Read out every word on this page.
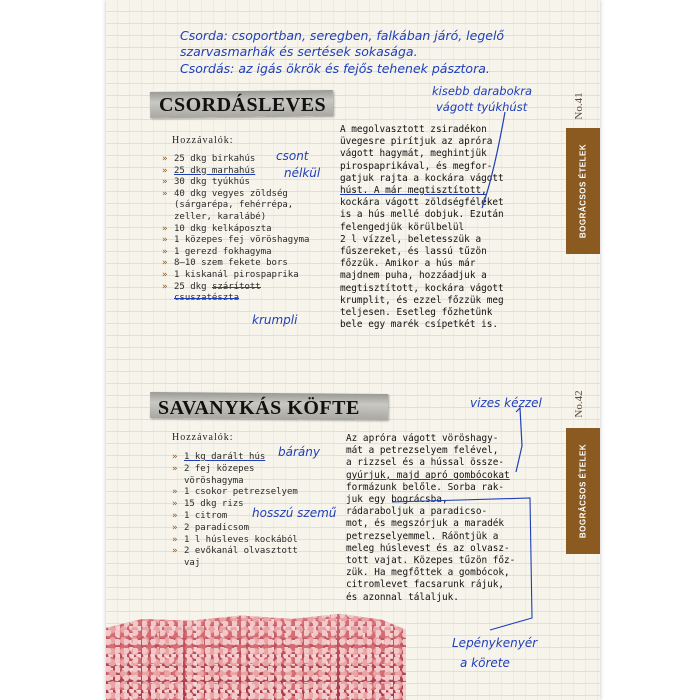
Csorda: csoportban, seregben, falkában járó, legelő
szarvasmarhák és sertések sokasága.
Csordás: az igás ökrök és fejős tehenek pásztora.
CSORDÁSLEVES
Hozzávalók:
» 25 dkg birkahús
» 25 dkg marhahús
» 30 dkg tyúkhús
» 40 dkg vegyes zöldség
(sárgarépa, fehérrépa,
zeller, karalábé)
» 10 dkg kelkáposzta
» 1 közepes fej vöröshagyma
» 1 gerezd fokhagyma
» 8–10 szem fekete bors
» 1 kiskanál pirospaprika
» 25 dkg szárított
csuszatészta
A megolvasztott zsiradékon
üvegesre pirítjuk az apróra
vágott hagymát, meghintjük
pirospaprikával, és megfor-
gatjuk rajta a kockára vágott
húst. A már megtisztított,
kockára vágott zöldségféléket
is a hús mellé dobjuk. Ezután
felengedjük körülbelül
2 l vízzel, beletesszük a
fűszereket, és lassú tűzön
főzzük. Amikor a hús már
majdnem puha, hozzáadjuk a
megtisztított, kockára vágott
krumplit, és ezzel főzzük meg
teljesen. Esetleg főzhetünk
bele egy marék csípetkét is.
csont
nélkül
kisebb darabokra
vágott tyúkhúst
krumpli
BOGRÁCSOS ÉTELEK
No.41
SAVANYKÁS KÖFTE
Hozzávalók:
» 1 kg darált hús
» 2 fej közepes
vöröshagyma
» 1 csokor petrezselyem
» 15 dkg rizs
» 1 citrom
» 2 paradicsom
» 1 l húsleves kockából
» 2 evőkanál olvasztott
vaj
Az apróra vágott vöröshagy-
mát a petrezselyem felével,
a rizzsel és a hússal össze-
gyúrjuk, majd apró gombócokat
formázunk belőle. Sorba rak-
juk egy bográcsba,
rádaraboljuk a paradicso-
mot, és megszórjuk a maradék
petrezselyemmel. Ráöntjük a
meleg húslevest és az olvasz-
tott vajat. Közepes tűzön főz-
zük. Ha megfőttek a gombócok,
citromlevet facsarunk rájuk,
és azonnal tálaljuk.
bárány
hosszú szemű
vizes kézzel
Lepénykenyér
a körete
BOGRÁCSOS ÉTELEK
No.42
